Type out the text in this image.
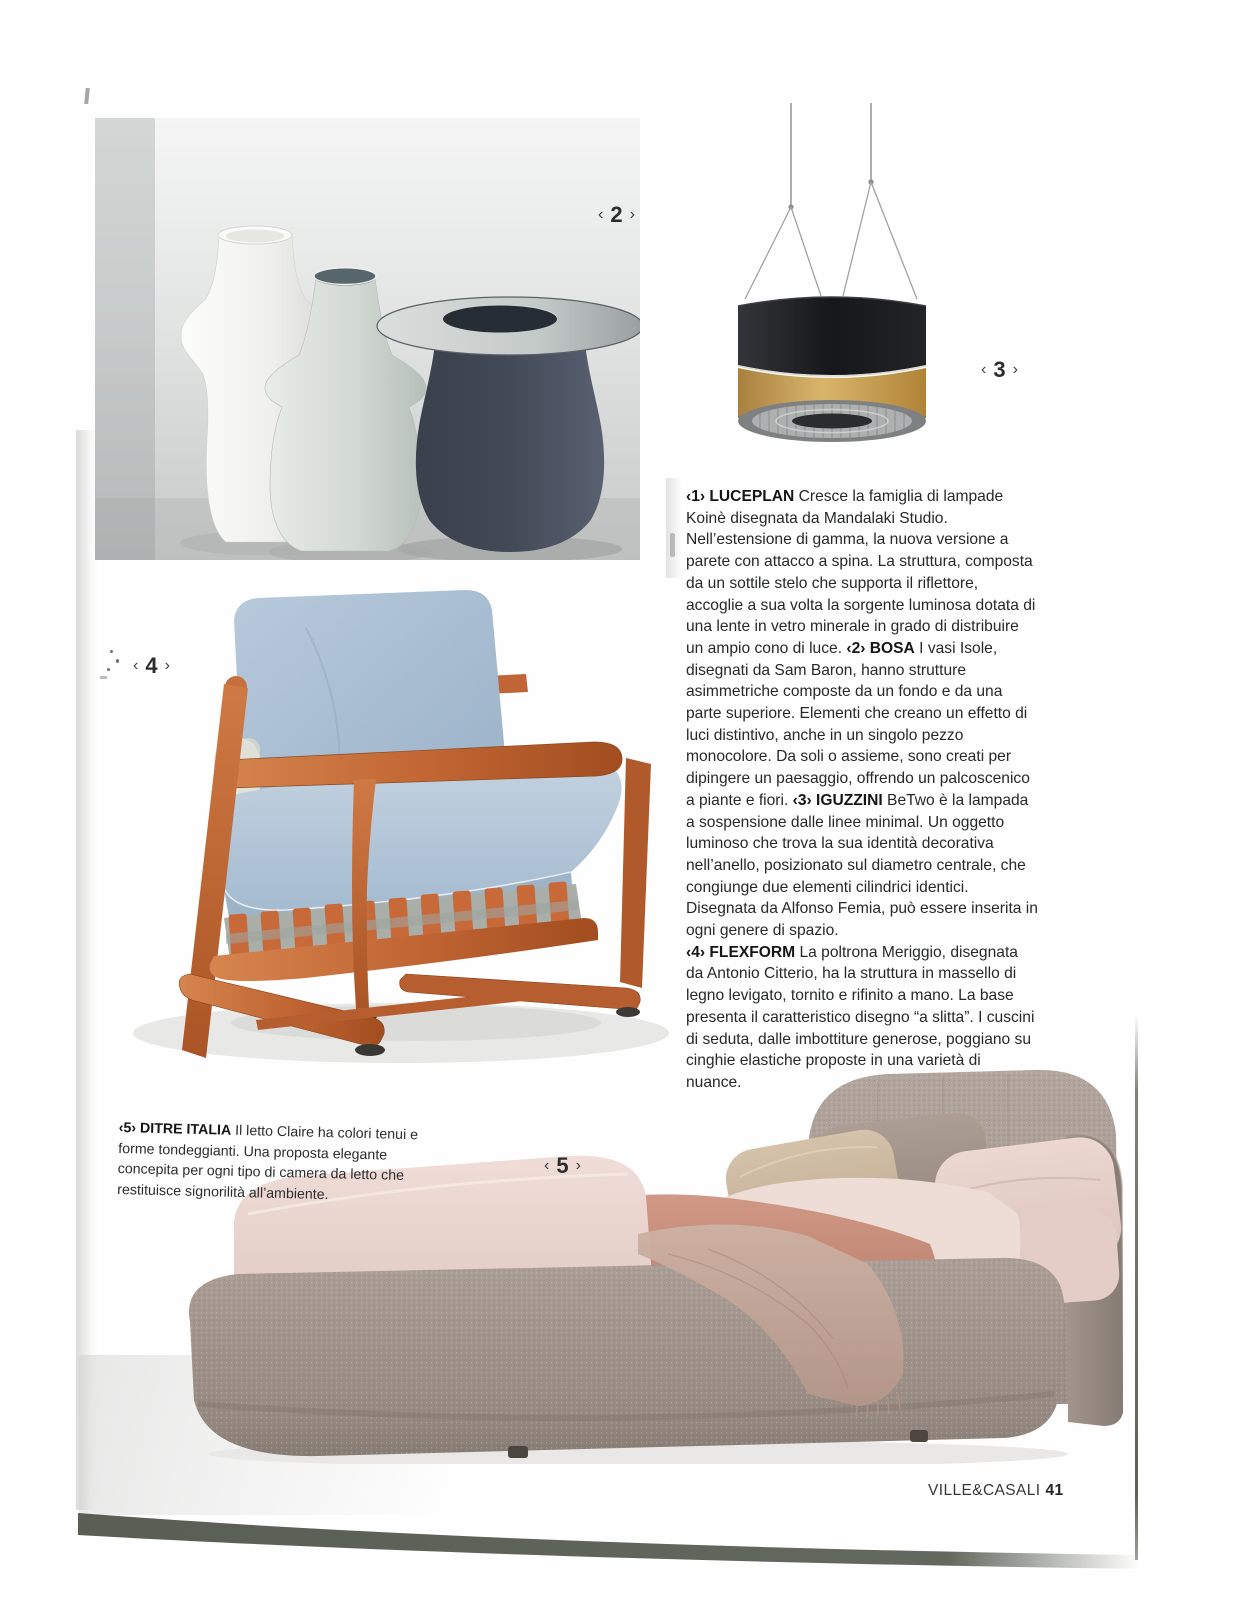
‹ 2 ›
‹ 3 ›
‹ 4 ›
‹ 5 ›

‹1› LUCEPLAN Cresce la famiglia di lampade Koinè disegnata da Mandalaki Studio. Nell’estensione di gamma, la nuova versione a parete con attacco a spina. La struttura, composta da un sottile stelo che supporta il riflettore, accoglie a sua volta la sorgente luminosa dotata di una lente in vetro minerale in grado di distribuire un ampio cono di luce. ‹2› BOSA I vasi Isole, disegnati da Sam Baron, hanno strutture asimmetriche composte da un fondo e da una parte superiore. Elementi che creano un effetto di luci distintivo, anche in un singolo pezzo monocolore. Da soli o assieme, sono creati per dipingere un paesaggio, offrendo un palcoscenico a piante e fiori. ‹3› IGUZZINI BeTwo è la lampada a sospensione dalle linee minimal. Un oggetto luminoso che trova la sua identità decorativa nell’anello, posizionato sul diametro centrale, che congiunge due elementi cilindrici identici. Disegnata da Alfonso Femia, può essere inserita in ogni genere di spazio.

‹4› FLEXFORM La poltrona Meriggio, disegnata da Antonio Citterio, ha la struttura in massello di legno levigato, tornito e rifinito a mano. La base presenta il caratteristico disegno “a slitta”. I cuscini di seduta, dalle imbottiture generose, poggiano su cinghie elastiche proposte in una varietà di nuance.

‹5› DITRE ITALIA Il letto Claire ha colori tenui e forme tondeggianti. Una proposta elegante concepita per ogni tipo di camera da letto che restituisce signorilità all’ambiente.
VILLE&CASALI 41
